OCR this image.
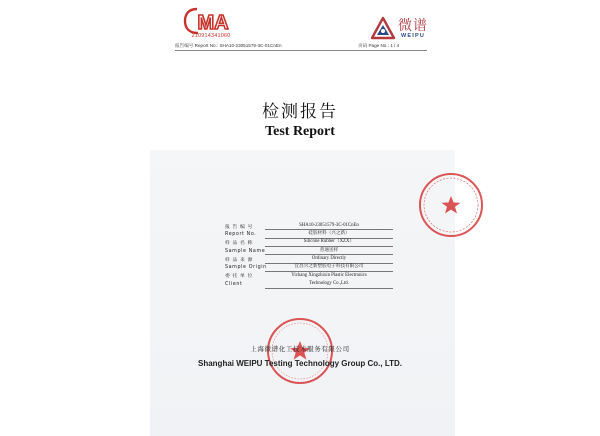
MA
210914341060
报告编号 Report No.: SHA10-23051579-3C-01CnEn	页码 Page No.: 1 / 4
微谱
WEIPU
检测报告
Test Report
报 告 编 号	SHA10-23051579-3C-01CnEn
Report No.	硅胶材料（兴之新）
样 品 名 称	Silicone Rubber（XZX）
Sample Name	普通送样
样 品 来 源	Ordinary Directly
Sample Origin	宜昌兴之新塑胶电子科技有限公司
委 托 单 位	Yichang Xingzhixin Plastic Electronics
Client	Technology Co.,Ltd.
上海微谱化工技术服务有限公司
Shanghai WEIPU Testing Technology Group Co., LTD.
